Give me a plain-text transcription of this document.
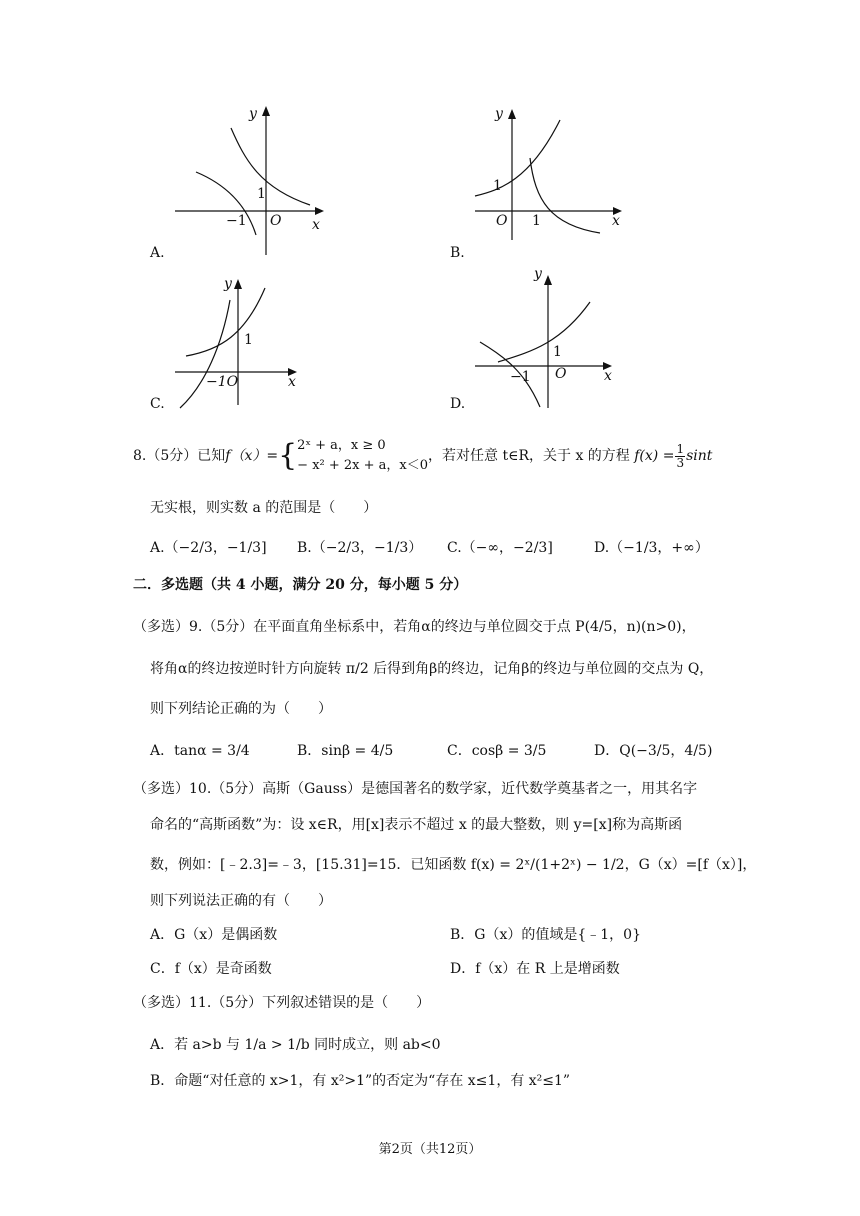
y
x
1
−1 O
A.
y
x
1
1
O
B.
y
x
1
−1O
C.
y
x
1
−1 O
D.
8.（5分）已知f（x）={ 2ˣ + a，x ≥ 0
− x² + 2x + a，x＜0
，若对任意 t∈R，关于 x 的方程 $f(x) = \frac{1}{3}$ sint
无实根，则实数 a 的范围是（　　）
A.（−2/3，−1/3] B.（−2/3，−1/3） C.（−∞，−2/3]	D.（−1/3，+∞）
二．多选题（共 4 小题，满分 20 分，每小题 5 分）
（多选）9.（5分）在平面直角坐标系中，若角α的终边与单位圆交于点 P(4/5，n)(n>0)，
将角α的终边按逆时针方向旋转 π/2 后得到角β的终边，记角β的终边与单位圆的交点为 Q，
则下列结论正确的为（　　）
A．tanα = 3/4	B．sinβ = 4/5	C．cosβ = 3/5	D．Q(−3/5，4/5)
（多选）10.（5分）高斯（Gauss）是德国著名的数学家，近代数学奠基者之一，用其名字
命名的“高斯函数”为：设 x∈R，用[x]表示不超过 x 的最大整数，则 y=[x]称为高斯函
数，例如：[﹣2.3]=﹣3，[15.31]=15．已知函数 f(x) = 2ˣ/(1+2ˣ) − 1/2，G（x）=[f（x）]，
则下列说法正确的有（　　）
A．G（x）是偶函数	B．G（x）的值域是{﹣1，0}
C．f（x）是奇函数	D．f（x）在 R 上是增函数
（多选）11.（5分）下列叙述错误的是（　　）
A．若 a>b 与 1/a > 1/b 同时成立，则 ab<0
B．命题“对任意的 x>1，有 x²>1”的否定为“存在 x≤1，有 x²≤1”
第2页（共12页）
